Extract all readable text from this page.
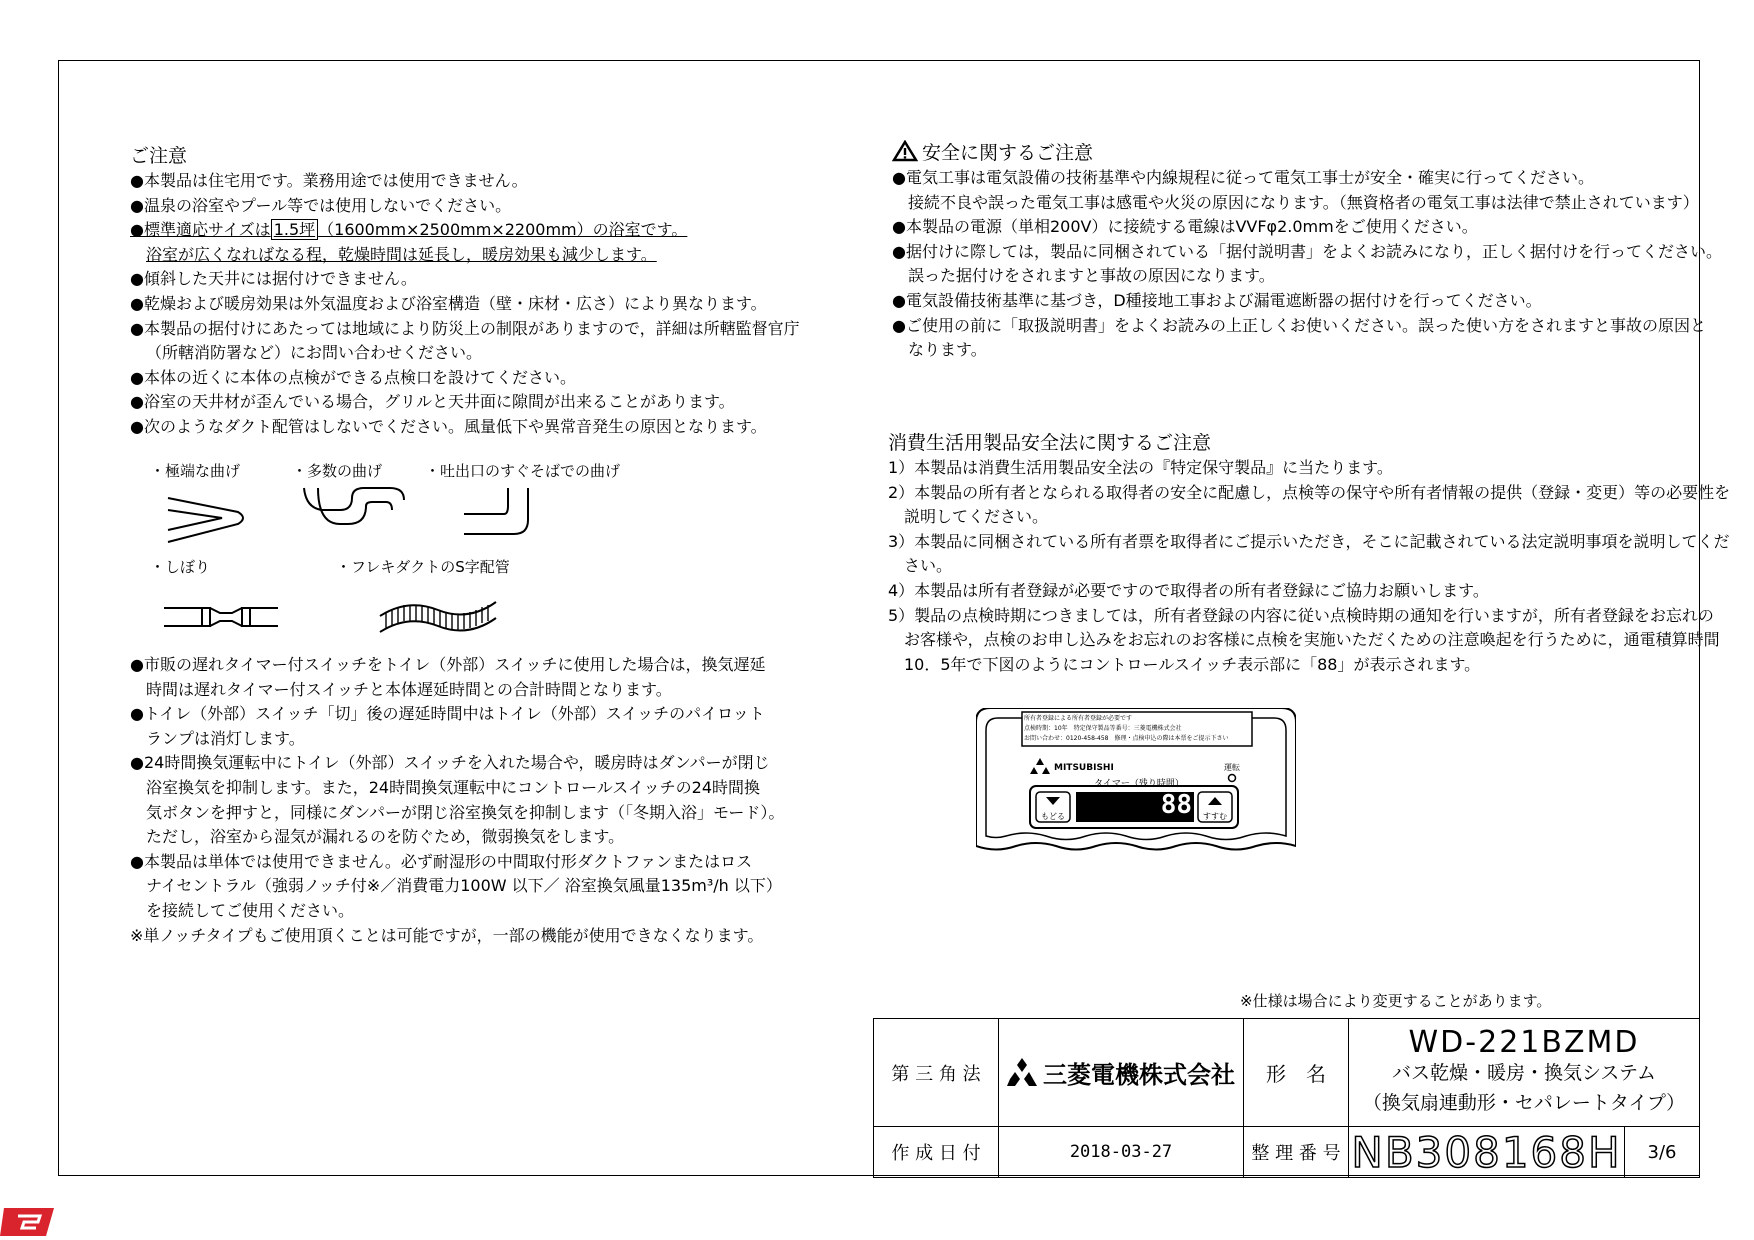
ご注意

●本製品は住宅用です。業務用途では使用できません。

●温泉の浴室やプール等では使用しないでください。

●標準適応サイズは 1.5坪 （1600mm×2500mm×2200mm）の浴室です。

浴室が広くなればなる程，乾燥時間は延長し，暖房効果も減少します。

●傾斜した天井には据付けできません。

●乾燥および暖房効果は外気温度および浴室構造（壁・床材・広さ）により異なります。

●本製品の据付けにあたっては地域により防災上の制限がありますので，詳細は所轄監督官庁

（所轄消防署など）にお問い合わせください。

●本体の近くに本体の点検ができる点検口を設けてください。

●浴室の天井材が歪んでいる場合，グリルと天井面に隙間が出来ることがあります。

●次のようなダクト配管はしないでください。風量低下や異常音発生の原因となります。

・極端な曲げ	・多数の曲げ	・吐出口のすぐそばでの曲げ
・しぼり	・フレキダクトのS字配管

●市販の遅れタイマー付スイッチをトイレ（外部）スイッチに使用した場合は，換気遅延

時間は遅れタイマー付スイッチと本体遅延時間との合計時間となります。

●トイレ（外部）スイッチ「切」後の遅延時間中はトイレ（外部）スイッチのパイロット

ランプは消灯します。

●24時間換気運転中にトイレ（外部）スイッチを入れた場合や，暖房時はダンパーが閉じ

浴室換気を抑制します。また，24時間換気運転中にコントロールスイッチの24時間換

気ボタンを押すと，同様にダンパーが閉じ浴室換気を抑制します（「冬期入浴」モード）。

ただし，浴室から湿気が漏れるのを防ぐため，微弱換気をします。

●本製品は単体では使用できません。必ず耐湿形の中間取付形ダクトファンまたはロス

ナイセントラル（強弱ノッチ付※／消費電力100W 以下／ 浴室換気風量135m³/h 以下）

を接続してご使用ください。

※単ノッチタイプもご使用頂くことは可能ですが，一部の機能が使用できなくなります。

安全に関するご注意

●電気工事は電気設備の技術基準や内線規程に従って電気工事士が安全・確実に行ってください。

接続不良や誤った電気工事は感電や火災の原因になります。（無資格者の電気工事は法律で禁止されています）

●本製品の電源（単相200V）に接続する電線はVVFφ2.0mmをご使用ください。

●据付けに際しては，製品に同梱されている「据付説明書」をよくお読みになり，正しく据付けを行ってください。

誤った据付けをされますと事故の原因になります。

●電気設備技術基準に基づき，D種接地工事および漏電遮断器の据付けを行ってください。

●ご使用の前に「取扱説明書」をよくお読みの上正しくお使いください。誤った使い方をされますと事故の原因と

なります。

消費生活用製品安全法に関するご注意

1）本製品は消費生活用製品安全法の『特定保守製品』に当たります。

2）本製品の所有者となられる取得者の安全に配慮し，点検等の保守や所有者情報の提供（登録・変更）等の必要性を

説明してください。

3）本製品に同梱されている所有者票を取得者にご提示いただき，そこに記載されている法定説明事項を説明してくだ

さい。

4）本製品は所有者登録が必要ですので取得者の所有者登録にご協力お願いします。

5）製品の点検時期につきましては，所有者登録の内容に従い点検時期の通知を行いますが，所有者登録をお忘れの

お客様や，点検のお申し込みをお忘れのお客様に点検を実施いただくための注意喚起を行うために，通電積算時間

10．5年で下図のようにコントロールスイッチ表示部に「88」が表示されます。

所有者登録による所有者登録が必要です
点検時期：10年　特定保守製品等番号：三菱電機株式会社
お問い合わせ：0120-458-458　修理・点検申込の際は本票をご提示下さい
MITSUBISHI
タイマー（残り時間）
運転
もどる	すすむ
88
※仕様は場合により変更することがあります。
第 三 角 法	三菱電機株式会社	形　名	WD-221BZMD
バス乾燥・暖房・換気システム
（換気扇連動形・セパレートタイプ）	

作 成 日 付	2018-03-27	整 理 番 号	NB308168H	3/6
